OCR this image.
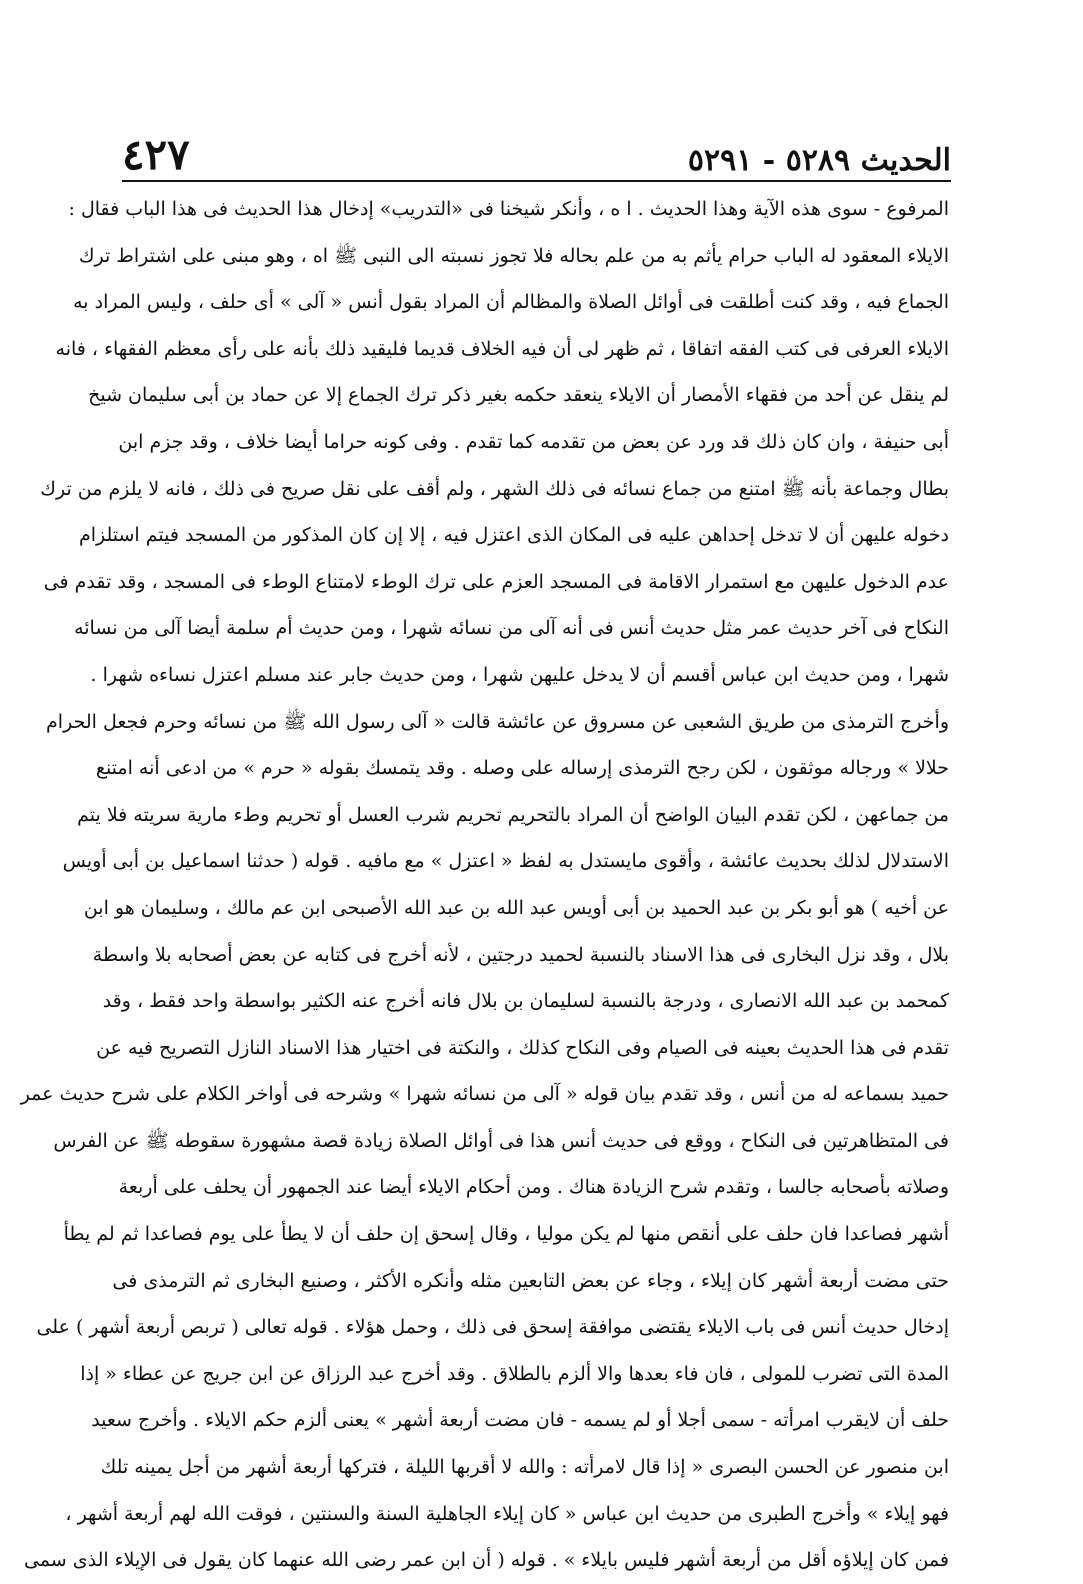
الحديث ٥٢٨٩ - ٥٢٩١
٤٢٧
المرفوع - سوى هذه الآية وهذا الحديث . ا ه ، وأنكر شيخنا فى «التدريب» إدخال هذا الحديث فى هذا الباب فقال :
الايلاء المعقود له الباب حرام يأثم به من علم بحاله فلا تجوز نسبته الى النبى ﷺ اه ، وهو مبنى على اشتراط ترك
الجماع فيه ، وقد كنت أطلقت فى أوائل الصلاة والمظالم أن المراد بقول أنس « آلى » أى حلف ، وليس المراد به
الايلاء العرفى فى كتب الفقه اتفاقا ، ثم ظهر لى أن فيه الخلاف قديما فليقيد ذلك بأنه على رأى معظم الفقهاء ، فانه
لم ينقل عن أحد من فقهاء الأمصار أن الايلاء ينعقد حكمه بغير ذكر ترك الجماع إلا عن حماد بن أبى سليمان شيخ
أبى حنيفة ، وان كان ذلك قد ورد عن بعض من تقدمه كما تقدم . وفى كونه حراما أيضا خلاف ، وقد جزم ابن
بطال وجماعة بأنه ﷺ امتنع من جماع نسائه فى ذلك الشهر ، ولم أقف على نقل صريح فى ذلك ، فانه لا يلزم من ترك
دخوله عليهن أن لا تدخل إحداهن عليه فى المكان الذى اعتزل فيه ، إلا إن كان المذكور من المسجد فيتم استلزام
عدم الدخول عليهن مع استمرار الاقامة فى المسجد العزم على ترك الوطء لامتناع الوطء فى المسجد ، وقد تقدم فى
النكاح فى آخر حديث عمر مثل حديث أنس فى أنه آلى من نسائه شهرا ، ومن حديث أم سلمة أيضا آلى من نسائه
شهرا ، ومن حديث ابن عباس أقسم أن لا يدخل عليهن شهرا ، ومن حديث جابر عند مسلم اعتزل نساءه شهرا .
وأخرج الترمذى من طريق الشعبى عن مسروق عن عائشة قالت « آلى رسول الله ﷺ من نسائه وحرم فجعل الحرام
حلالا » ورجاله موثقون ، لكن رجح الترمذى إرساله على وصله . وقد يتمسك بقوله « حرم » من ادعى أنه امتنع
من جماعهن ، لكن تقدم البيان الواضح أن المراد بالتحريم تحريم شرب العسل أو تحريم وطء مارية سريته فلا يتم
الاستدلال لذلك بحديث عائشة ، وأقوى مايستدل به لفظ « اعتزل » مع مافيه . قوله ( حدثنا اسماعيل بن أبى أويس
عن أخيه ) هو أبو بكر بن عبد الحميد بن أبى أويس عبد الله بن عبد الله الأصبحى ابن عم مالك ، وسليمان هو ابن
بلال ، وقد نزل البخارى فى هذا الاسناد بالنسبة لحميد درجتين ، لأنه أخرج فى كتابه عن بعض أصحابه بلا واسطة
كمحمد بن عبد الله الانصارى ، ودرجة بالنسبة لسليمان بن بلال فانه أخرج عنه الكثير بواسطة واحد فقط ، وقد
تقدم فى هذا الحديث بعينه فى الصيام وفى النكاح كذلك ، والنكتة فى اختيار هذا الاسناد النازل التصريح فيه عن
حميد بسماعه له من أنس ، وقد تقدم بيان قوله « آلى من نسائه شهرا » وشرحه فى أواخر الكلام على شرح حديث عمر
فى المتظاهرتين فى النكاح ، ووقع فى حديث أنس هذا فى أوائل الصلاة زيادة قصة مشهورة سقوطه ﷺ عن الفرس
وصلاته بأصحابه جالسا ، وتقدم شرح الزيادة هناك . ومن أحكام الايلاء أيضا عند الجمهور أن يحلف على أربعة
أشهر فصاعدا فان حلف على أنقص منها لم يكن موليا ، وقال إسحق إن حلف أن لا يطأ على يوم فصاعدا ثم لم يطأ
حتى مضت أربعة أشهر كان إيلاء ، وجاء عن بعض التابعين مثله وأنكره الأكثر ، وصنيع البخارى ثم الترمذى فى
إدخال حديث أنس فى باب الايلاء يقتضى موافقة إسحق فى ذلك ، وحمل هؤلاء . قوله تعالى ( تربص أربعة أشهر ) على
المدة التى تضرب للمولى ، فان فاء بعدها والا ألزم بالطلاق . وقد أخرج عبد الرزاق عن ابن جريج عن عطاء « إذا
حلف أن لايقرب امرأته - سمى أجلا أو لم يسمه - فان مضت أربعة أشهر » يعنى ألزم حكم الايلاء . وأخرج سعيد
ابن منصور عن الحسن البصرى « إذا قال لامرأته : والله لا أقربها الليلة ، فتركها أربعة أشهر من أجل يمينه تلك
فهو إيلاء » وأخرج الطبرى من حديث ابن عباس « كان إيلاء الجاهلية السنة والسنتين ، فوقت الله لهم أربعة أشهر ،
فمن كان إيلاؤه أقل من أربعة أشهر فليس بايلاء » . قوله ( أن ابن عمر رضى الله عنهما كان يقول فى الإيلاء الذى سمى
